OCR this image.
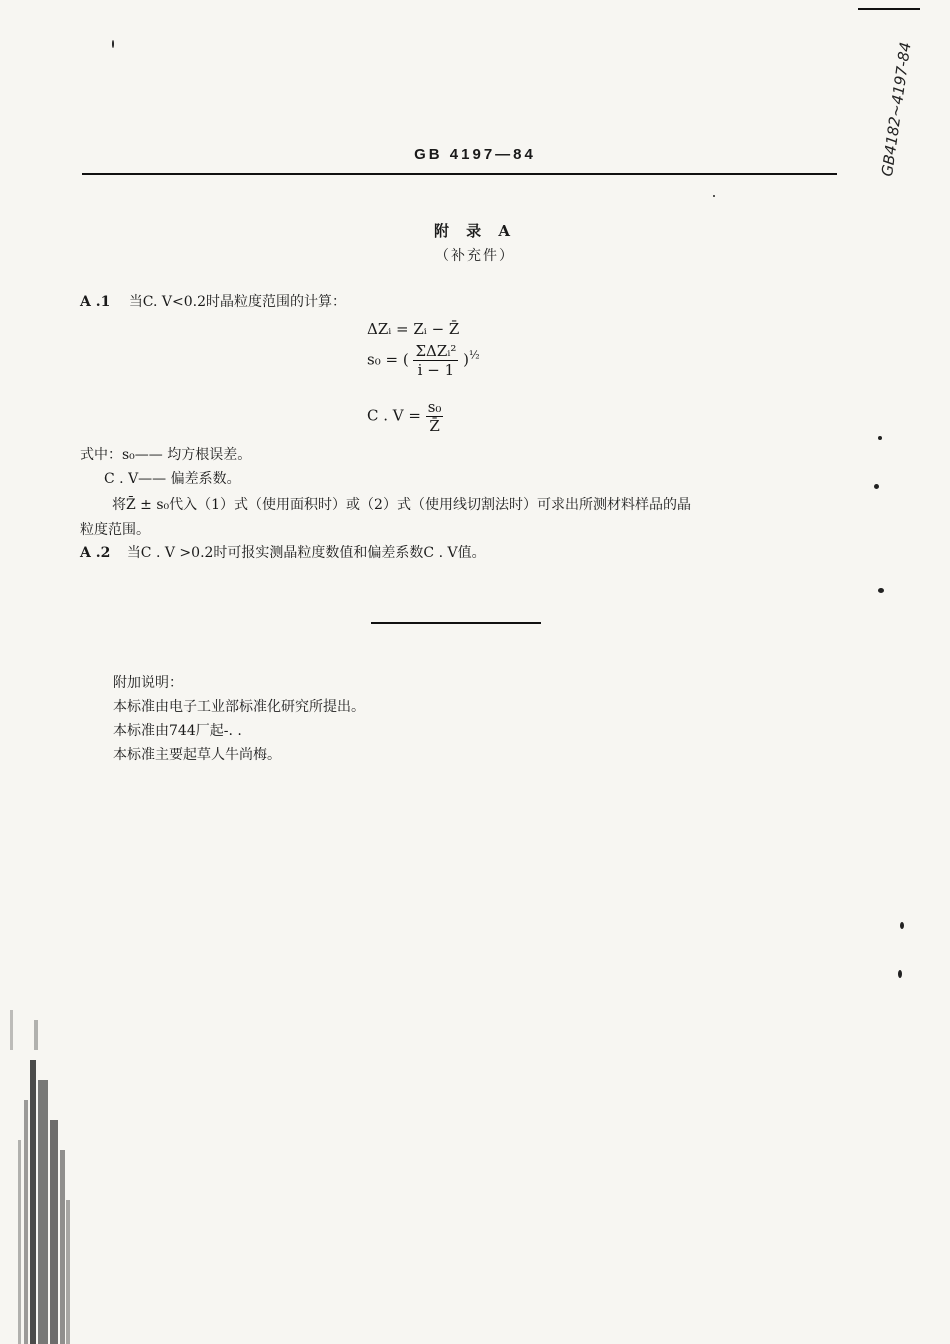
GB 4197—84	GB4182~4197-84
附 录 A
（补充件）
A .1 当C. V<0.2时晶粒度范围的计算：
ΔZᵢ = Zᵢ − Z̄
s₀ = ( $\frac{\text{ΣΔZᵢ²}}{i - 1} )^{\frac{1}{2}}$
C . $V = \frac{\text{s₀}}{Z̄}$
式中：s₀—— 均方根误差。
C . V—— 偏差系数。
将Z̄ ± s₀代入（1）式（使用面积时）或（2）式（使用线切割法时）可求出所测材料样品的晶
粒度范围。
A .2 当C . V >0.2时可报实测晶粒度数值和偏差系数C . V值。
附加说明：
本标准由电子工业部标准化研究所提出。
本标准由744厂起-. .
本标准主要起草人牛尚梅。
